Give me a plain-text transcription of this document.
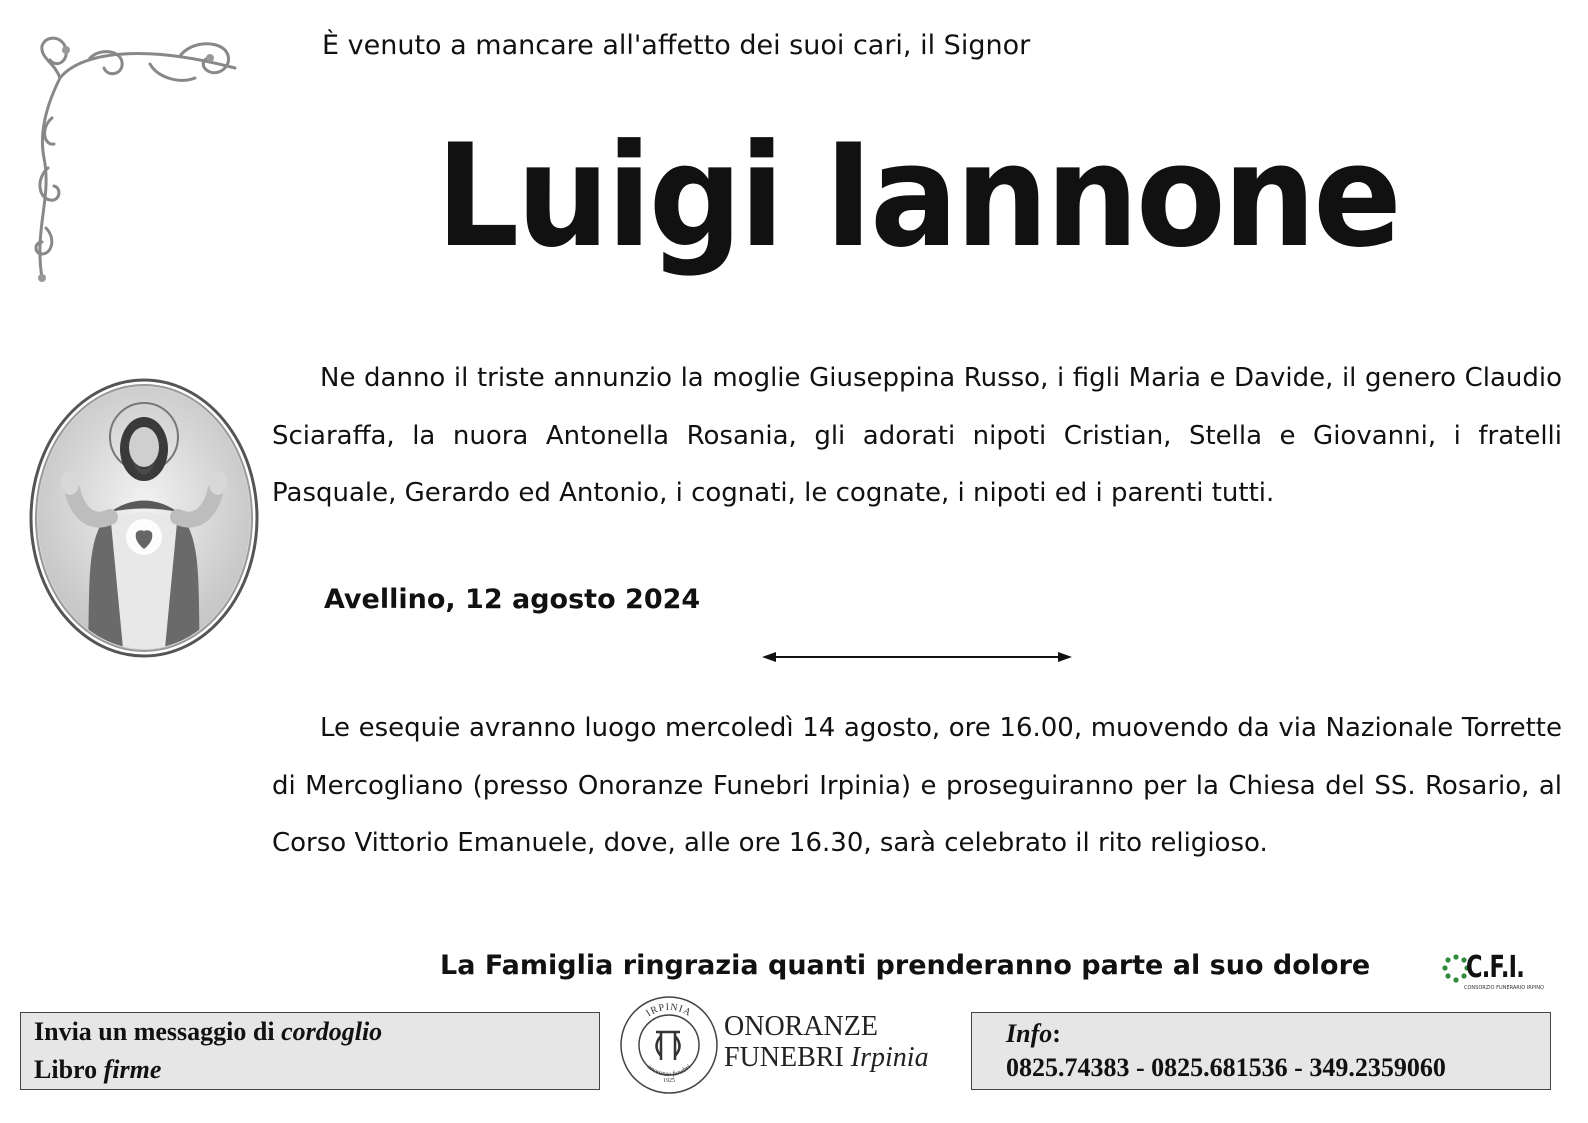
È venuto a mancare all'affetto dei suoi cari, il Signor
Luigi Iannone
Ne danno il triste annunzio la moglie Giuseppina Russo, i figli Maria e Davide, il genero Claudio Sciaraffa, la nuora Antonella Rosania, gli adorati nipoti Cristian, Stella e Giovanni, i fratelli Pasquale, Gerardo ed Antonio, i cognati, le cognate, i nipoti ed i parenti tutti.
Avellino, 12 agosto 2024
Le esequie avranno luogo mercoledì 14 agosto, ore 16.00, muovendo da via Nazionale Torrette di Mercogliano (presso Onoranze Funebri Irpinia) e proseguiranno per la Chiesa del SS. Rosario, al Corso Vittorio Emanuele, dove, alle ore 16.30, sarà celebrato il rito religioso.
La Famiglia ringrazia quanti prenderanno parte al suo dolore	C.F.I.
CONSORZIO FUNERARIO IRPINO
Invia un messaggio di cordoglio
Libro firme
IRPINIA
onoranze funebri
1925
ONORANZE
FUNEBRI Irpinia
Info:
0825.74383 - 0825.681536 - 349.2359060
